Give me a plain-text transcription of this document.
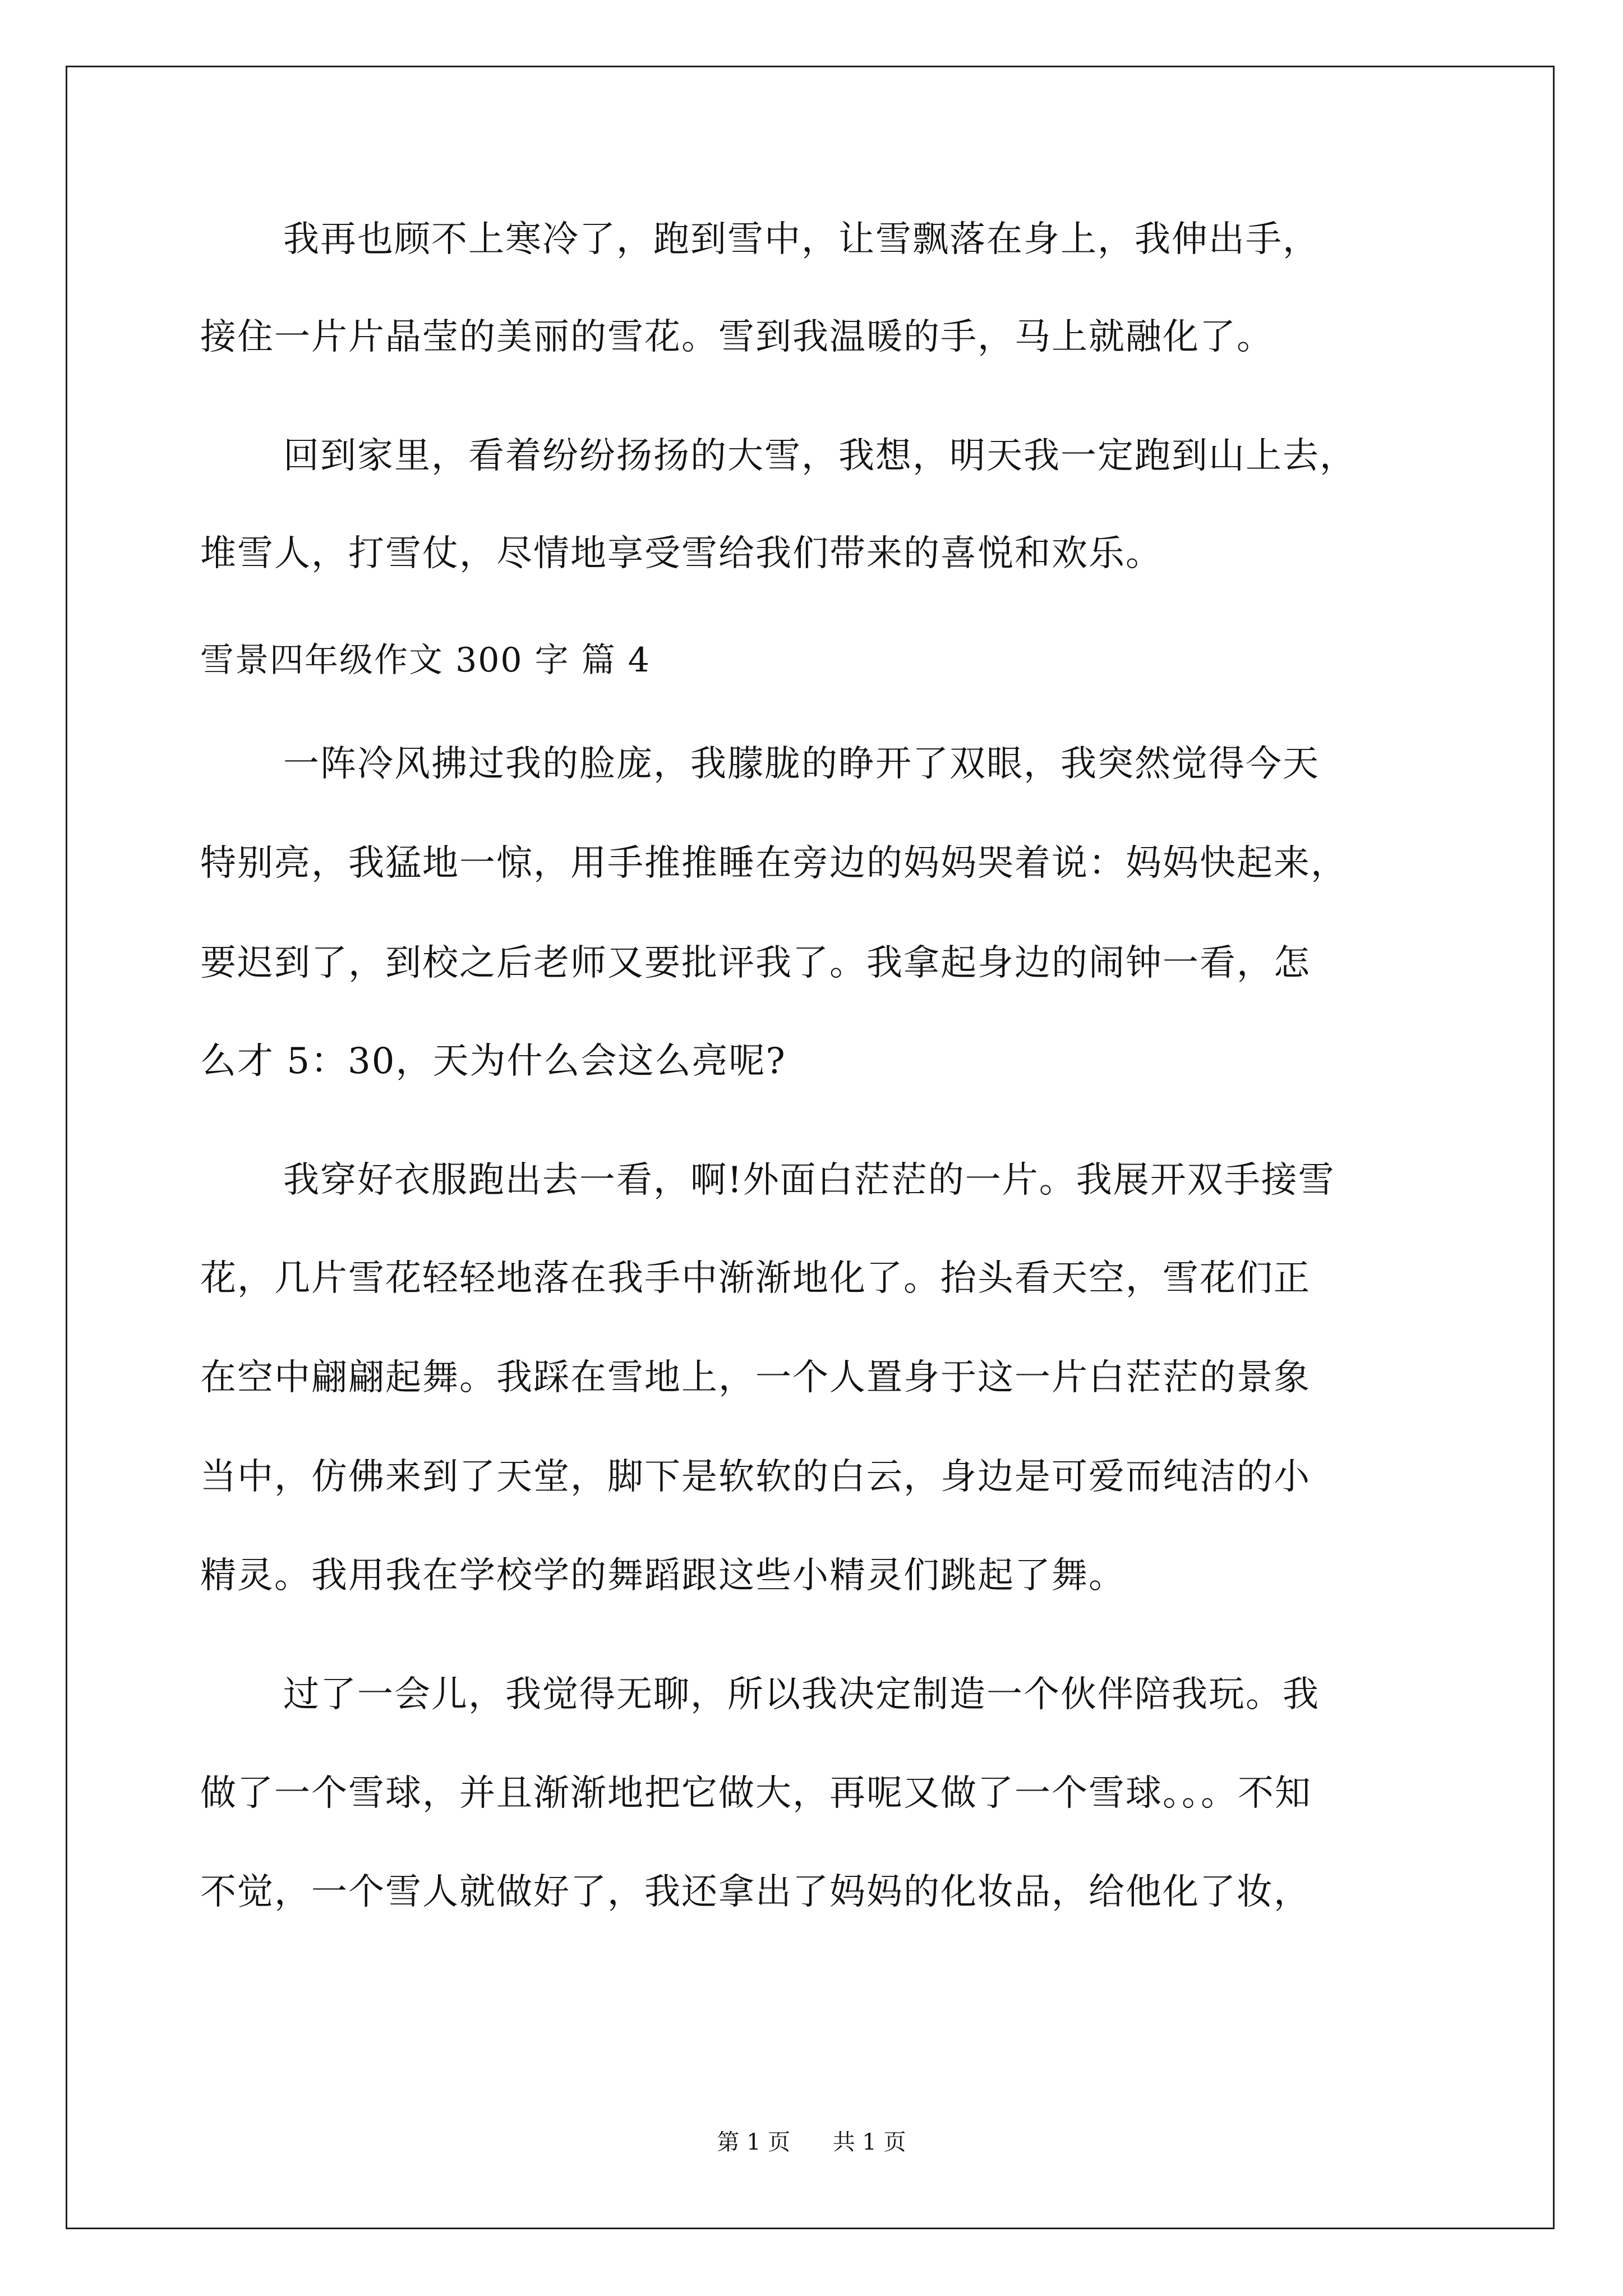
我再也顾不上寒冷了，跑到雪中，让雪飘落在身上，我伸出手，
接住一片片晶莹的美丽的雪花。雪到我温暖的手，马上就融化了。
回到家里，看着纷纷扬扬的大雪，我想，明天我一定跑到山上去，
堆雪人，打雪仗，尽情地享受雪给我们带来的喜悦和欢乐。
雪景四年级作文 300 字 篇 4
一阵冷风拂过我的脸庞，我朦胧的睁开了双眼，我突然觉得今天
特别亮，我猛地一惊，用手推推睡在旁边的妈妈哭着说：妈妈快起来，
要迟到了，到校之后老师又要批评我了。我拿起身边的闹钟一看，怎
么才 5：30，天为什么会这么亮呢?
我穿好衣服跑出去一看，啊!外面白茫茫的一片。我展开双手接雪
花，几片雪花轻轻地落在我手中渐渐地化了。抬头看天空，雪花们正
在空中翩翩起舞。我踩在雪地上，一个人置身于这一片白茫茫的景象
当中，仿佛来到了天堂，脚下是软软的白云，身边是可爱而纯洁的小
精灵。我用我在学校学的舞蹈跟这些小精灵们跳起了舞。
过了一会儿，我觉得无聊，所以我决定制造一个伙伴陪我玩。我
做了一个雪球，并且渐渐地把它做大，再呢又做了一个雪球。。。不知
不觉，一个雪人就做好了，我还拿出了妈妈的化妆品，给他化了妆，
第 1 页 共 1 页
